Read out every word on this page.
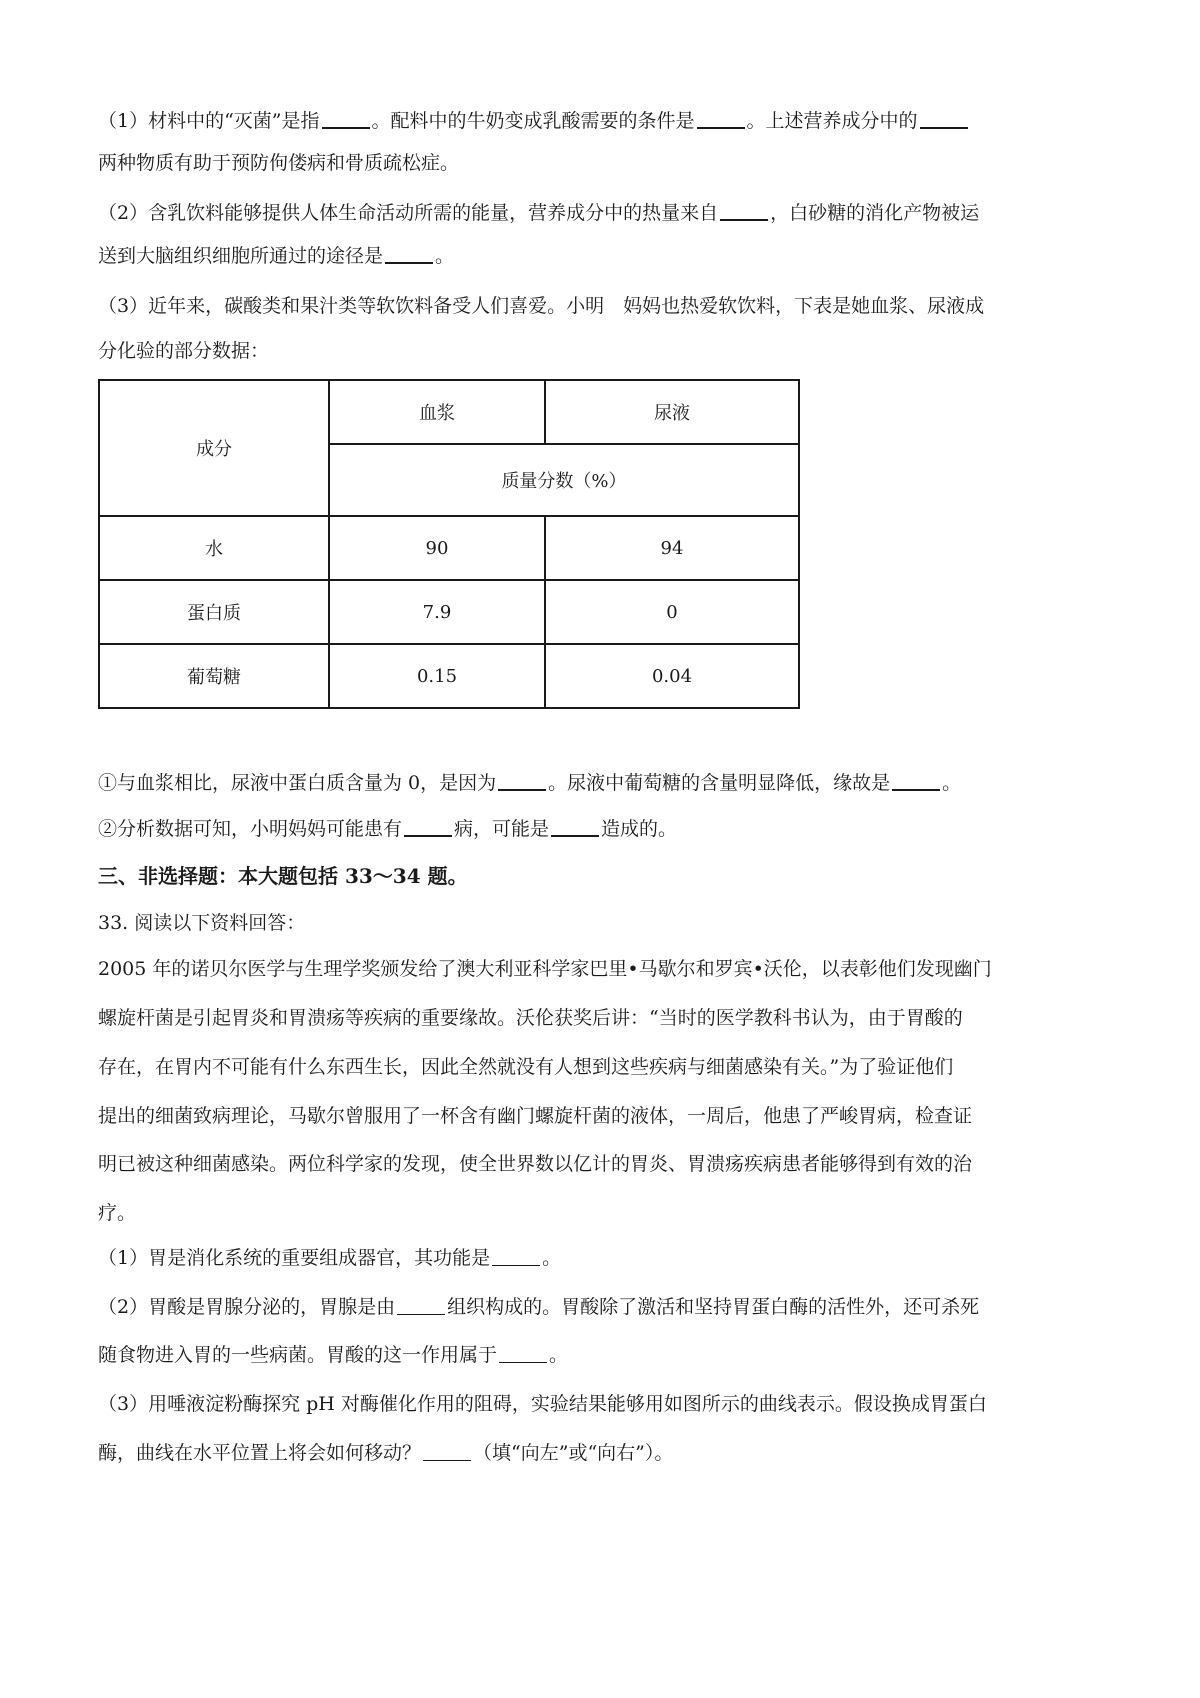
（1）材料中的“灭菌”是指	。配料中的牛奶变成乳酸需要的条件是	。上述营养成分中的
两种物质有助于预防佝偻病和骨质疏松症。
（2）含乳饮料能够提供人体生命活动所需的能量，营养成分中的热量来自	，白砂糖的消化产物被运
送到大脑组织细胞所通过的途径是	。
（3）近年来，碳酸类和果汁类等软饮料备受人们喜爱。小明　妈妈也热爱软饮料，下表是她血浆、尿液成
分化验的部分数据：
成分	血浆	尿液
	质量分数（%）	
水	90	94
蛋白质	7.9	0
葡萄糖	0.15	0.04
①与血浆相比，尿液中蛋白质含量为 0，是因为	。尿液中葡萄糖的含量明显降低，缘故是	。
②分析数据可知，小明妈妈可能患有	病，可能是	造成的。
三、非选择题：本大题包括 33～34 题。
33. 阅读以下资料回答：
2005 年的诺贝尔医学与生理学奖颁发给了澳大利亚科学家巴里•马歇尔和罗宾•沃伦，以表彰他们发现幽门
螺旋杆菌是引起胃炎和胃溃疡等疾病的重要缘故。沃伦获奖后讲：“当时的医学教科书认为，由于胃酸的
存在，在胃内不可能有什么东西生长，因此全然就没有人想到这些疾病与细菌感染有关。”为了验证他们
提出的细菌致病理论，马歇尔曾服用了一杯含有幽门螺旋杆菌的液体，一周后，他患了严峻胃病，检查证
明已被这种细菌感染。两位科学家的发现，使全世界数以亿计的胃炎、胃溃疡疾病患者能够得到有效的治
疗。
（1）胃是消化系统的重要组成器官，其功能是	。
（2）胃酸是胃腺分泌的，胃腺是由	组织构成的。胃酸除了激活和坚持胃蛋白酶的活性外，还可杀死
随食物进入胃的一些病菌。胃酸的这一作用属于	。
（3）用唾液淀粉酶探究 pH 对酶催化作用的阻碍，实验结果能够用如图所示的曲线表示。假设换成胃蛋白
酶，曲线在水平位置上将会如何移动？	（填“向左”或“向右”）。
